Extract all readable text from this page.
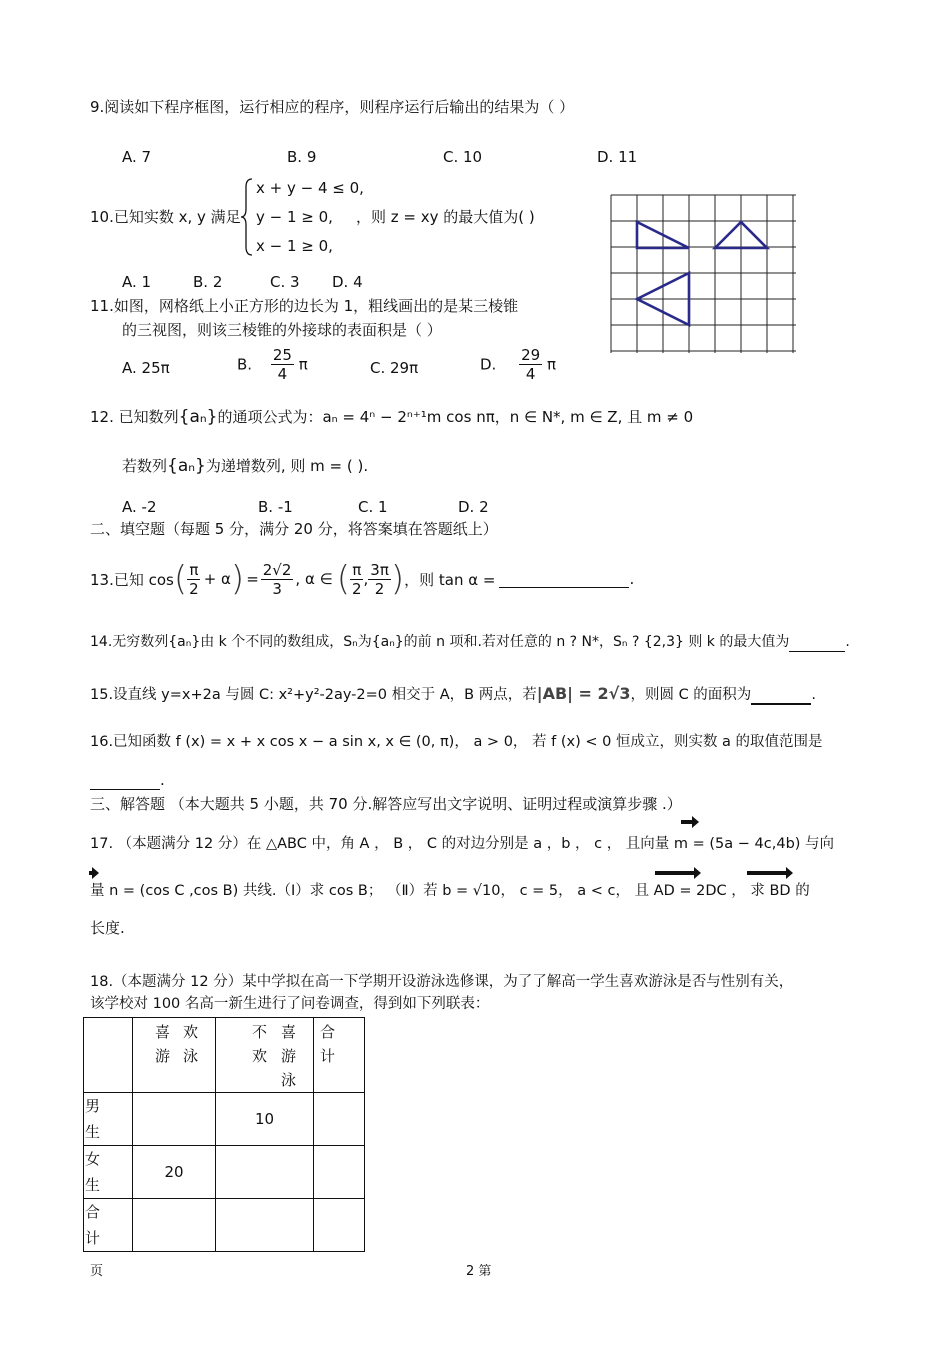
9.阅读如下程序框图，运行相应的程序，则程序运行后输出的结果为（ ）
A. 7	B. 9	C. 10	D. 11
10.已知实数 x, y 满足
x + y − 4 ≤ 0,
y − 1 ≥ 0,
x − 1 ≥ 0,
，则 z = xy 的最大值为( )
A. 1	B. 2	C. 3 D. 4
11.如图，网格纸上小正方形的边长为 1，粗线画出的是某三棱锥
的三视图，则该三棱锥的外接球的表面积是（ ）
A. 25π	B. $\frac{25}{4}$ π	C. 29π	D. $\frac{29}{4}$ π
12. 已知数列{aₙ}的通项公式为：aₙ = 4ⁿ − 2ⁿ⁺¹m cos nπ，n ∈ N*, m ∈ Z, 且 m ≠ 0
若数列{aₙ}为递增数列, 则 m = ( ).
A. -2	B. -1	C. 1	D. 2
二、填空题（每题 5 分，满分 20 分，将答案填在答题纸上）
13.已知 cos ( $\frac{\pi}{2} + \alpha$ ) = $\frac{2√2}{3}$ , α ∈ ( $\frac{\pi}{2}$ , $\frac{3\pi}{2}$ ) ，则 tan α =	.
14.无穷数列{aₙ}由 k 个不同的数组成，Sₙ为{aₙ}的前 n 项和.若对任意的 n ? N*，Sₙ ? {2,3} 则 k 的最大值为	.
15.设直线 y=x+2a 与圆 C: x²+y²-2ay-2=0 相交于 A，B 两点，若|AB| = 2√3，则圆 C 的面积为	.
16.已知函数 f (x) = x + x cos x − a sin x, x ∈ (0, π)， a > 0， 若 f (x) < 0 恒成立，则实数 a 的取值范围是
.
三、解答题 （本大题共 5 小题，共 70 分.解答应写出文字说明、证明过程或演算步骤 .）
17. （本题满分 12 分）在 △ABC 中，角 A ， B ， C 的对边分别是 a ，b ， c ， 且向量 m = (5a − 4c,4b) 与向
量 n = (cos C ,cos B) 共线.（Ⅰ）求 cos B； （Ⅱ）若 b = √10， c = 5， a < c， 且 AD = 2DC ， 求 BD 的
长度.
18.（本题满分 12 分）某中学拟在高一下学期开设游泳选修课，为了了解高一学生喜欢游泳是否与性别有关，
该学校对 100 名高一新生进行了问卷调查，得到如下列联表：

	喜欢游泳	不喜欢游泳	合计

男生		10	

女生	20		

合计			

页	2 第
